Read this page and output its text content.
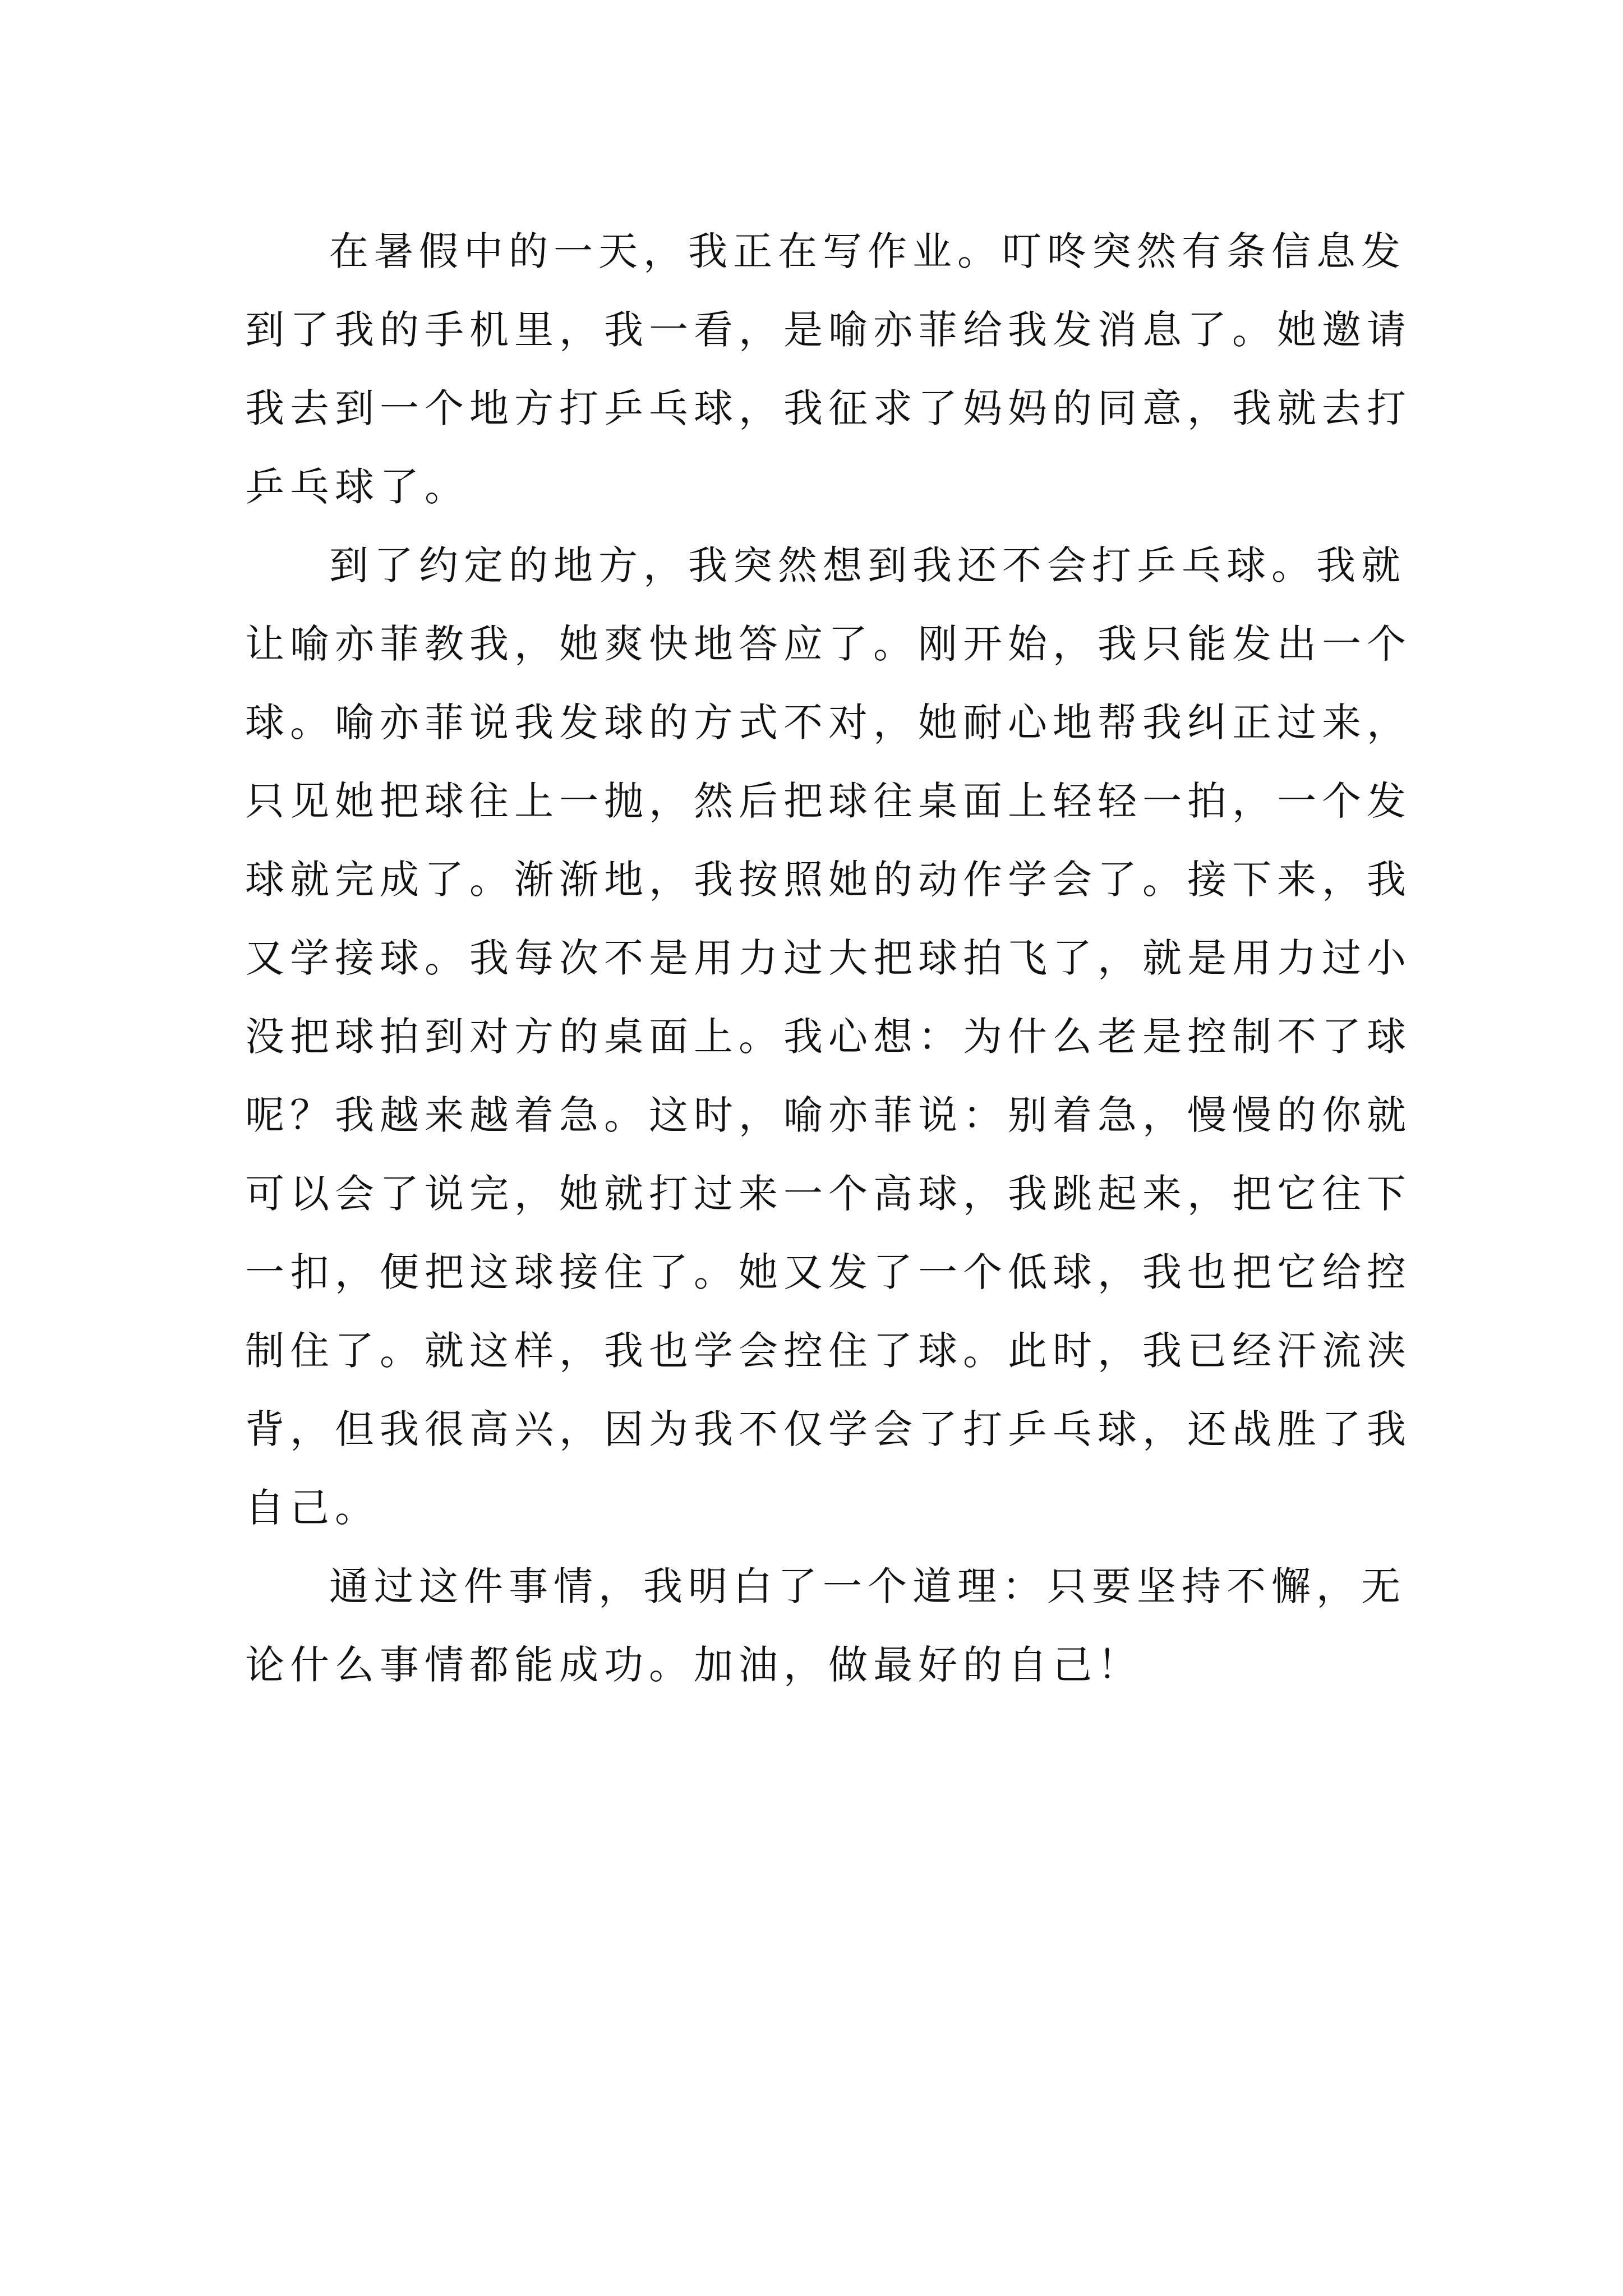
在暑假中的一天，我正在写作业。叮咚突然有条信息发
到了我的手机里，我一看，是喻亦菲给我发消息了。她邀请
我去到一个地方打乒乓球，我征求了妈妈的同意，我就去打
乒乓球了。
到了约定的地方，我突然想到我还不会打乒乓球。我就
让喻亦菲教我，她爽快地答应了。刚开始，我只能发出一个
球。喻亦菲说我发球的方式不对，她耐心地帮我纠正过来，
只见她把球往上一抛，然后把球往桌面上轻轻一拍，一个发
球就完成了。渐渐地，我按照她的动作学会了。接下来，我
又学接球。我每次不是用力过大把球拍飞了，就是用力过小
没把球拍到对方的桌面上。我心想：为什么老是控制不了球
呢？我越来越着急。这时，喻亦菲说：别着急，慢慢的你就
可以会了说完，她就打过来一个高球，我跳起来，把它往下
一扣，便把这球接住了。她又发了一个低球，我也把它给控
制住了。就这样，我也学会控住了球。此时，我已经汗流浃
背，但我很高兴，因为我不仅学会了打乒乓球，还战胜了我
自己。
通过这件事情，我明白了一个道理：只要坚持不懈，无
论什么事情都能成功。加油，做最好的自己！
